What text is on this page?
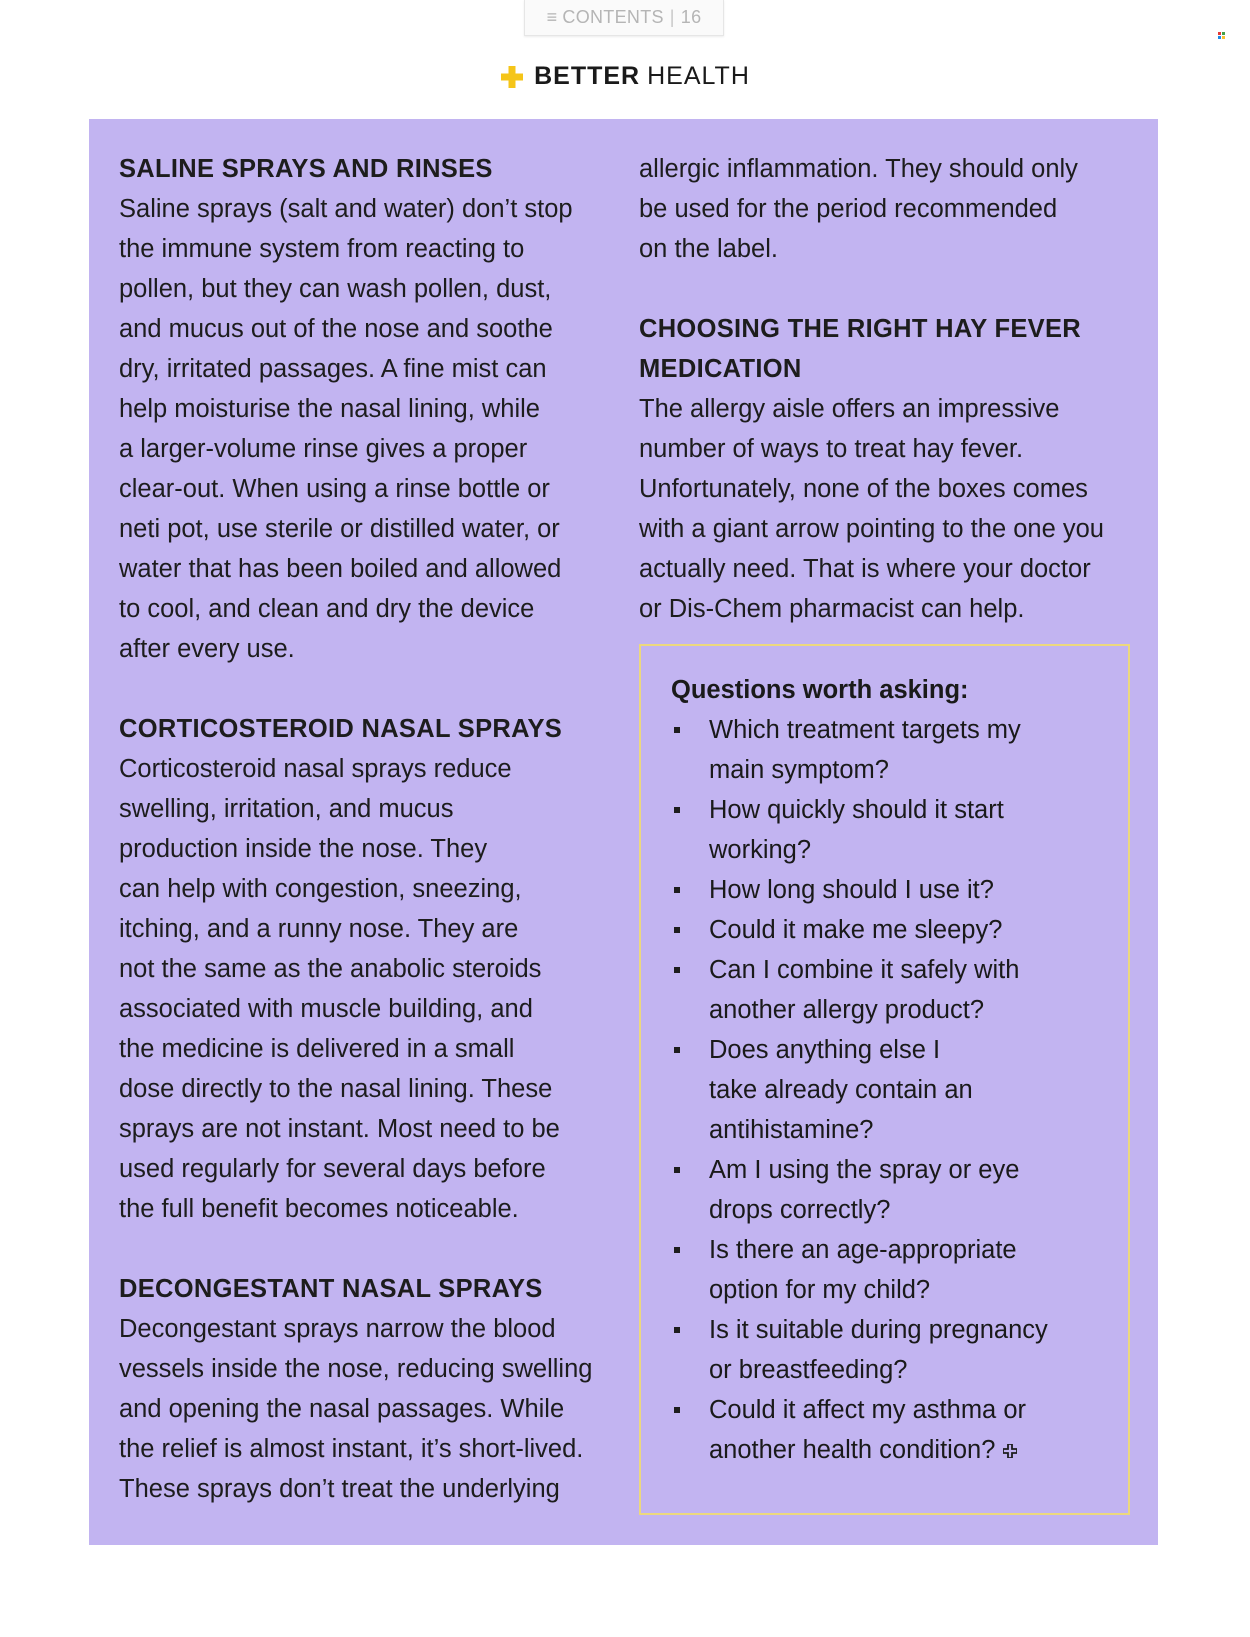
≡ CONTENTS | 16
BETTER HEALTH
SALINE SPRAYS AND RINSES

Saline sprays (salt and water) don’t stop

the immune system from reacting to

pollen, but they can wash pollen, dust,

and mucus out of the nose and soothe

dry, irritated passages. A fine mist can

help moisturise the nasal lining, while

a larger-volume rinse gives a proper

clear-out. When using a rinse bottle or

neti pot, use sterile or distilled water, or

water that has been boiled and allowed

to cool, and clean and dry the device

after every use.

CORTICOSTEROID NASAL SPRAYS

Corticosteroid nasal sprays reduce

swelling, irritation, and mucus

production inside the nose. They

can help with congestion, sneezing,

itching, and a runny nose. They are

not the same as the anabolic steroids

associated with muscle building, and

the medicine is delivered in a small

dose directly to the nasal lining. These

sprays are not instant. Most need to be

used regularly for several days before

the full benefit becomes noticeable.

DECONGESTANT NASAL SPRAYS

Decongestant sprays narrow the blood

vessels inside the nose, reducing swelling

and opening the nasal passages. While

the relief is almost instant, it’s short-lived.

These sprays don’t treat the underlying

allergic inflammation. They should only

be used for the period recommended

on the label.

CHOOSING THE RIGHT HAY FEVER
MEDICATION

The allergy aisle offers an impressive

number of ways to treat hay fever.

Unfortunately, none of the boxes comes

with a giant arrow pointing to the one you

actually need. That is where your doctor

or Dis-Chem pharmacist can help.

Questions worth asking:
Which treatment targets my
main symptom?
How quickly should it start
working?
How long should I use it?
Could it make me sleepy?
Can I combine it safely with
another allergy product?
Does anything else I
take already contain an
antihistamine?
Am I using the spray or eye
drops correctly?
Is there an age-appropriate
option for my child?
Is it suitable during pregnancy
or breastfeeding?
Could it affect my asthma or
another health condition?
